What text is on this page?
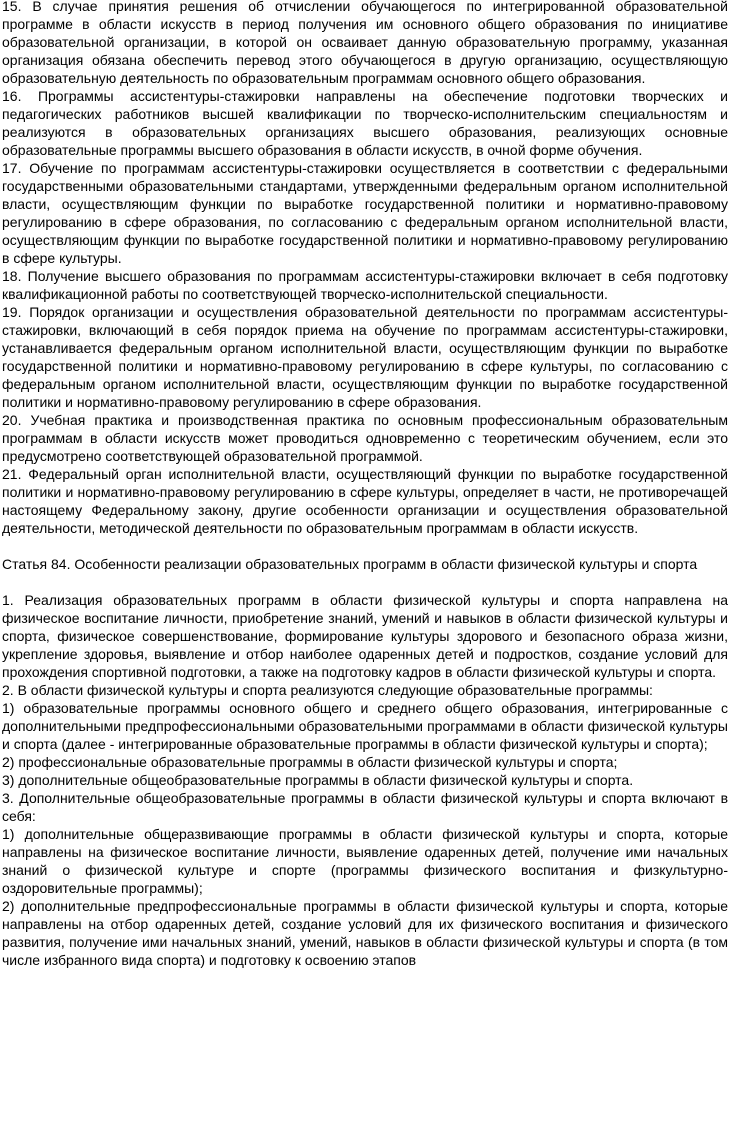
15. В случае принятия решения об отчислении обучающегося по интегрированной образовательной программе в области искусств в период получения им основного общего образования по инициативе образовательной организации, в которой он осваивает данную образовательную программу, указанная организация обязана обеспечить перевод этого обучающегося в другую организацию, осуществляющую образовательную деятельность по образовательным программам основного общего образования.

16. Программы ассистентуры-стажировки направлены на обеспечение подготовки творческих и педагогических работников высшей квалификации по творческо-исполнительским специальностям и реализуются в образовательных организациях высшего образования, реализующих основные образовательные программы высшего образования в области искусств, в очной форме обучения.

17. Обучение по программам ассистентуры-стажировки осуществляется в соответствии с федеральными государственными образовательными стандартами, утвержденными федеральным органом исполнительной власти, осуществляющим функции по выработке государственной политики и нормативно-правовому регулированию в сфере образования, по согласованию с федеральным органом исполнительной власти, осуществляющим функции по выработке государственной политики и нормативно-правовому регулированию в сфере культуры.

18. Получение высшего образования по программам ассистентуры-стажировки включает в себя подготовку квалификационной работы по соответствующей творческо-исполнительской специальности.

19. Порядок организации и осуществления образовательной деятельности по программам ассистентуры-стажировки, включающий в себя порядок приема на обучение по программам ассистентуры-стажировки, устанавливается федеральным органом исполнительной власти, осуществляющим функции по выработке государственной политики и нормативно-правовому регулированию в сфере культуры, по согласованию с федеральным органом исполнительной власти, осуществляющим функции по выработке государственной политики и нормативно-правовому регулированию в сфере образования.

20. Учебная практика и производственная практика по основным профессиональным образовательным программам в области искусств может проводиться одновременно с теоретическим обучением, если это предусмотрено соответствующей образовательной программой.

21. Федеральный орган исполнительной власти, осуществляющий функции по выработке государственной политики и нормативно-правовому регулированию в сфере культуры, определяет в части, не противоречащей настоящему Федеральному закону, другие особенности организации и осуществления образовательной деятельности, методической деятельности по образовательным программам в области искусств.

Статья 84. Особенности реализации образовательных программ в области физической культуры и спорта

1. Реализация образовательных программ в области физической культуры и спорта направлена на физическое воспитание личности, приобретение знаний, умений и навыков в области физической культуры и спорта, физическое совершенствование, формирование культуры здорового и безопасного образа жизни, укрепление здоровья, выявление и отбор наиболее одаренных детей и подростков, создание условий для прохождения спортивной подготовки, а также на подготовку кадров в области физической культуры и спорта.

2. В области физической культуры и спорта реализуются следующие образовательные программы:

1) образовательные программы основного общего и среднего общего образования, интегрированные с дополнительными предпрофессиональными образовательными программами в области физической культуры и спорта (далее - интегрированные образовательные программы в области физической культуры и спорта);

2) профессиональные образовательные программы в области физической культуры и спорта;

3) дополнительные общеобразовательные программы в области физической культуры и спорта.

3. Дополнительные общеобразовательные программы в области физической культуры и спорта включают в себя:

1) дополнительные общеразвивающие программы в области физической культуры и спорта, которые направлены на физическое воспитание личности, выявление одаренных детей, получение ими начальных знаний о физической культуре и спорте (программы физического воспитания и физкультурно-оздоровительные программы);

2) дополнительные предпрофессиональные программы в области физической культуры и спорта, которые направлены на отбор одаренных детей, создание условий для их физического воспитания и физического развития, получение ими начальных знаний, умений, навыков в области физической культуры и спорта (в том числе избранного вида спорта) и подготовку к освоению этапов
